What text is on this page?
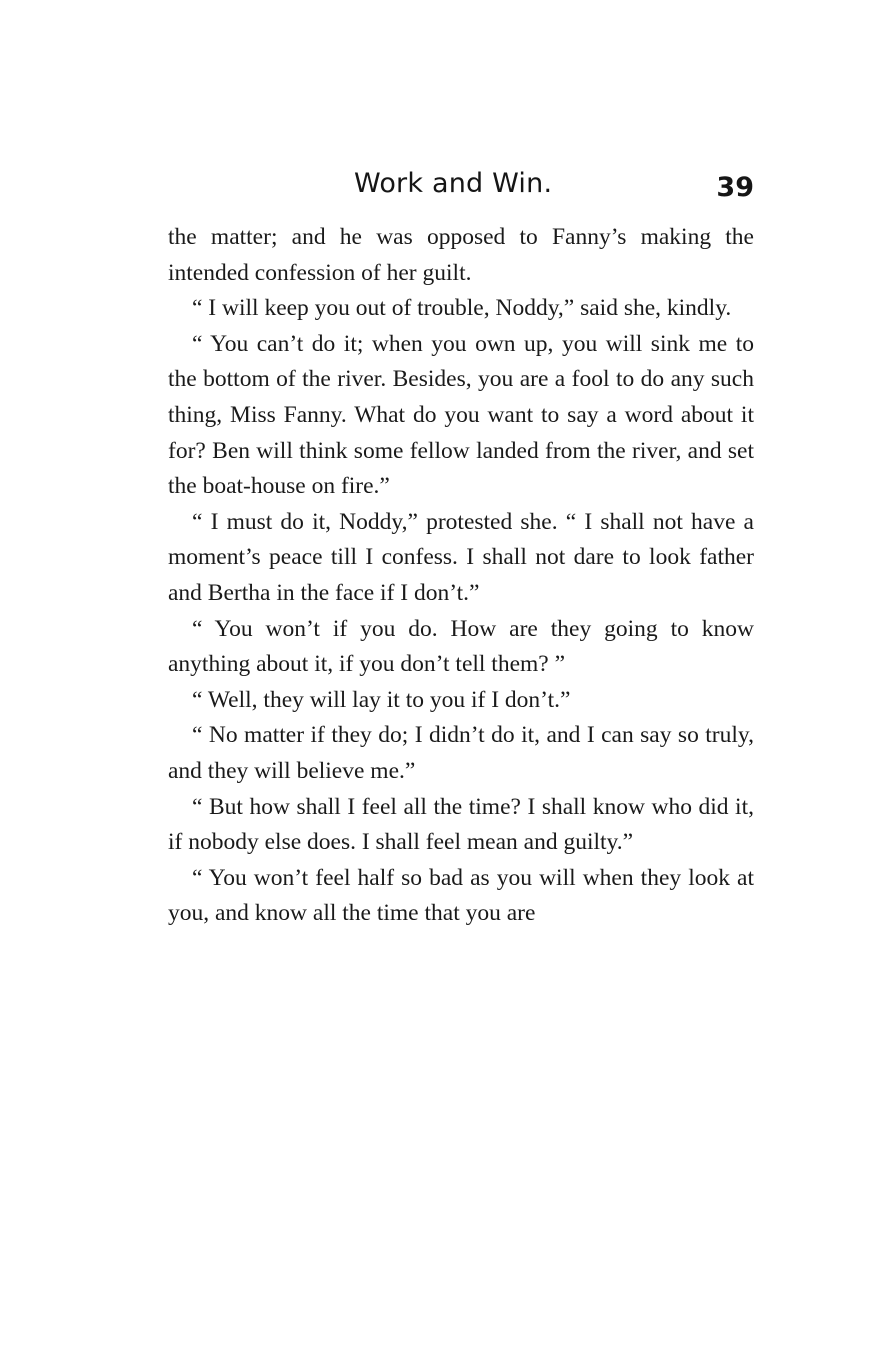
Work and Win.	39

the matter; and he was opposed to Fanny’s making the intended confession of her guilt.

“ I will keep you out of trouble, Noddy,” said she, kindly.

“ You can’t do it; when you own up, you will sink me to the bottom of the river. Besides, you are a fool to do any such thing, Miss Fanny. What do you want to say a word about it for? Ben will think some fellow landed from the river, and set the boat-house on fire.”

“ I must do it, Noddy,” protested she. “ I shall not have a moment’s peace till I confess. I shall not dare to look father and Bertha in the face if I don’t.”

“ You won’t if you do. How are they going to know anything about it, if you don’t tell them? ”

“ Well, they will lay it to you if I don’t.”

“ No matter if they do; I didn’t do it, and I can say so truly, and they will believe me.”

“ But how shall I feel all the time? I shall know who did it, if nobody else does. I shall feel mean and guilty.”

“ You won’t feel half so bad as you will when they look at you, and know all the time that you are
